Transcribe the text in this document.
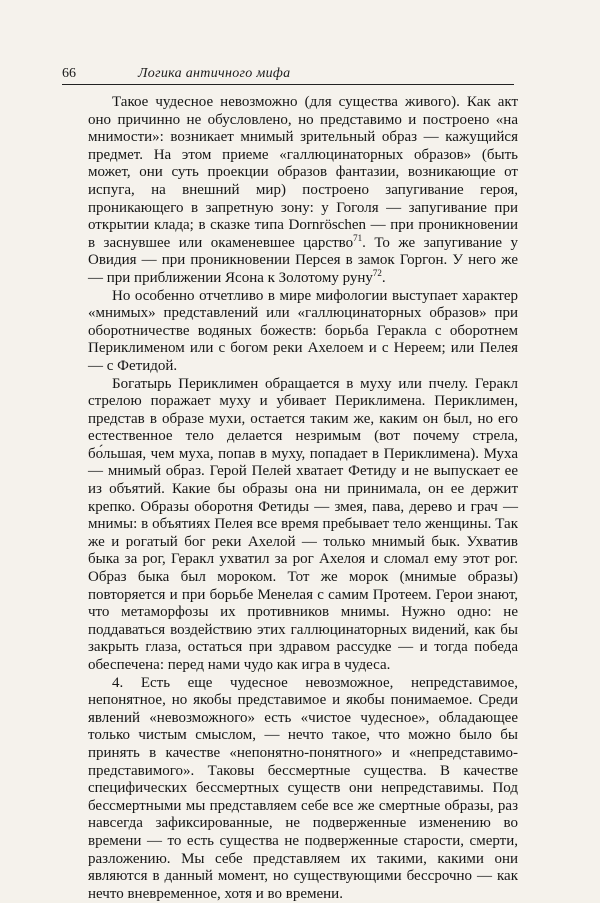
66	Логика античного мифа

Такое чудесное невозможно (для существа живого). Как акт оно причинно не обусловлено, но представимо и построено «на мнимости»: возникает мнимый зрительный образ — кажущийся предмет. На этом приеме «галлюцинаторных образов» (быть может, они суть проекции образов фантазии, возникающие от испуга, на внешний мир) построено запугивание героя, проникающего в запретную зону: у Гоголя — запугивание при открытии клада; в сказке типа Dornröschen — при проникновении в заснувшее или окаменевшее царство$^{71}$. То же запугивание у Овидия — при проникновении Персея в замок Горгон. У него же — при приближении Ясона к Золотому руну$^{72}$.

Но особенно отчетливо в мире мифологии выступает характер «мнимых» представлений или «галлюцинаторных образов» при оборотничестве водяных божеств: борьба Геракла с оборотнем Периклименом или с богом реки Ахелоем и с Нереем; или Пелея — с Фетидой.

Богатырь Периклимен обращается в муху или пчелу. Геракл стрелою поражает муху и убивает Периклимена. Периклимен, представ в образе мухи, остается таким же, каким он был, но его естественное тело делается незримым (вот почему стрела, бо́льшая, чем муха, попав в муху, попадает в Периклимена). Муха — мнимый образ. Герой Пелей хватает Фетиду и не выпускает ее из объятий. Какие бы образы она ни принимала, он ее держит крепко. Образы оборотня Фетиды — змея, пава, дерево и грач — мнимы: в объятиях Пелея все время пребывает тело женщины. Так же и рогатый бог реки Ахелой — только мнимый бык. Ухватив быка за рог, Геракл ухватил за рог Ахелоя и сломал ему этот рог. Образ быка был мороком. Тот же морок (мнимые образы) повторяется и при борьбе Менелая с самим Протеем. Герои знают, что метаморфозы их противников мнимы. Нужно одно: не поддаваться воздействию этих галлюцинаторных видений, как бы закрыть глаза, остаться при здравом рассудке — и тогда победа обеспечена: перед нами чудо как игра в чудеса.

4. Есть еще чудесное невозможное, непредставимое, непонятное, но якобы представимое и якобы понимаемое. Среди явлений «невозможного» есть «чистое чудесное», обладающее только чистым смыслом, — нечто такое, что можно было бы принять в качестве «непонятно-понятного» и «непредставимо-представимого». Таковы бессмертные существа. В качестве специфических бессмертных существ они непредставимы. Под бессмертными мы представляем себе все же смертные образы, раз навсегда зафиксированные, не подверженные изменению во времени — то есть существа не подверженные старости, смерти, разложению. Мы себе представляем их такими, какими они являются в данный момент, но существующими бессрочно — как нечто вневременное, хотя и во времени.
